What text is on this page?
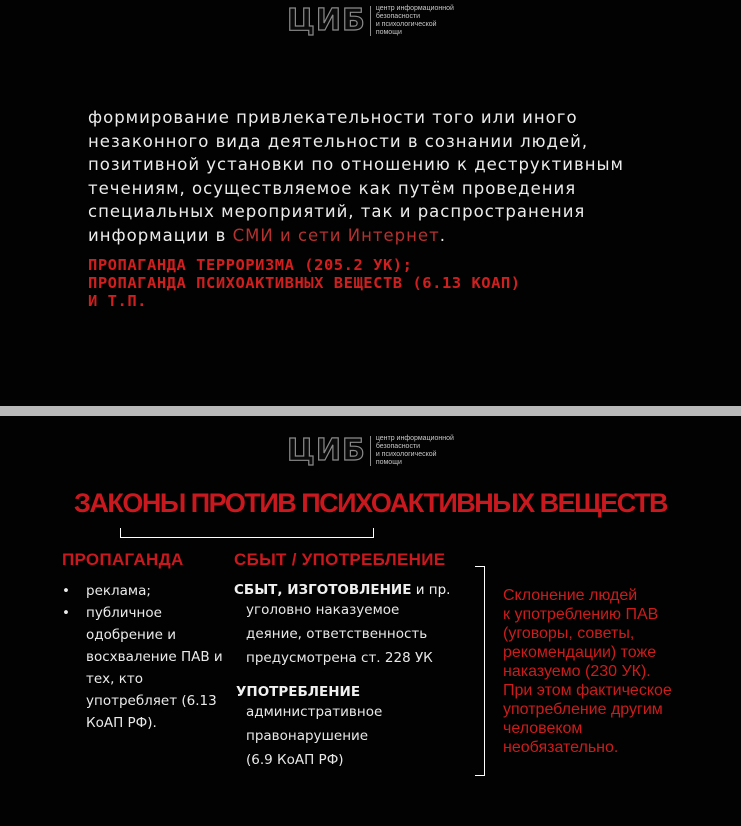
ЦИБ центр информационной
безопасности
и психологической
помощи

формирование привлекательности того или иного незаконного вида деятельности в сознании людей, позитивной установки по отношению к деструктивным течениям, осуществляемое как путём проведения специальных мероприятий, так и распространения информации в СМИ и сети Интернет.

ПРОПАГАНДА ТЕРРОРИЗМА (205.2 УК);
ПРОПАГАНДА ПСИХОАКТИВНЫХ ВЕЩЕСТВ (6.13 КОАП)
И Т.П.

ЦИБ центр информационной
безопасности
и психологической
помощи
ЗАКОНЫ ПРОТИВ ПСИХОАКТИВНЫХ ВЕЩЕСТВ
ПРОПАГАНДА	СБЫТ / УПОТРЕБЛЕНИЕ
• реклама;
• публичное одобрение и восхваление ПАВ и тех, кто употребляет (6.13 КоАП РФ).

СБЫТ, ИЗГОТОВЛЕНИЕ и пр.

уголовно наказуемое
деяние, ответственность
предусмотрена ст. 228 УК

УПОТРЕБЛЕНИЕ

административное
правонарушение
(6.9 КоАП РФ)

Склонение людей
к употреблению ПАВ
(уговоры, советы,
рекомендации) тоже
наказуемо (230 УК).
При этом фактическое
употребление другим
человеком
необязательно.
